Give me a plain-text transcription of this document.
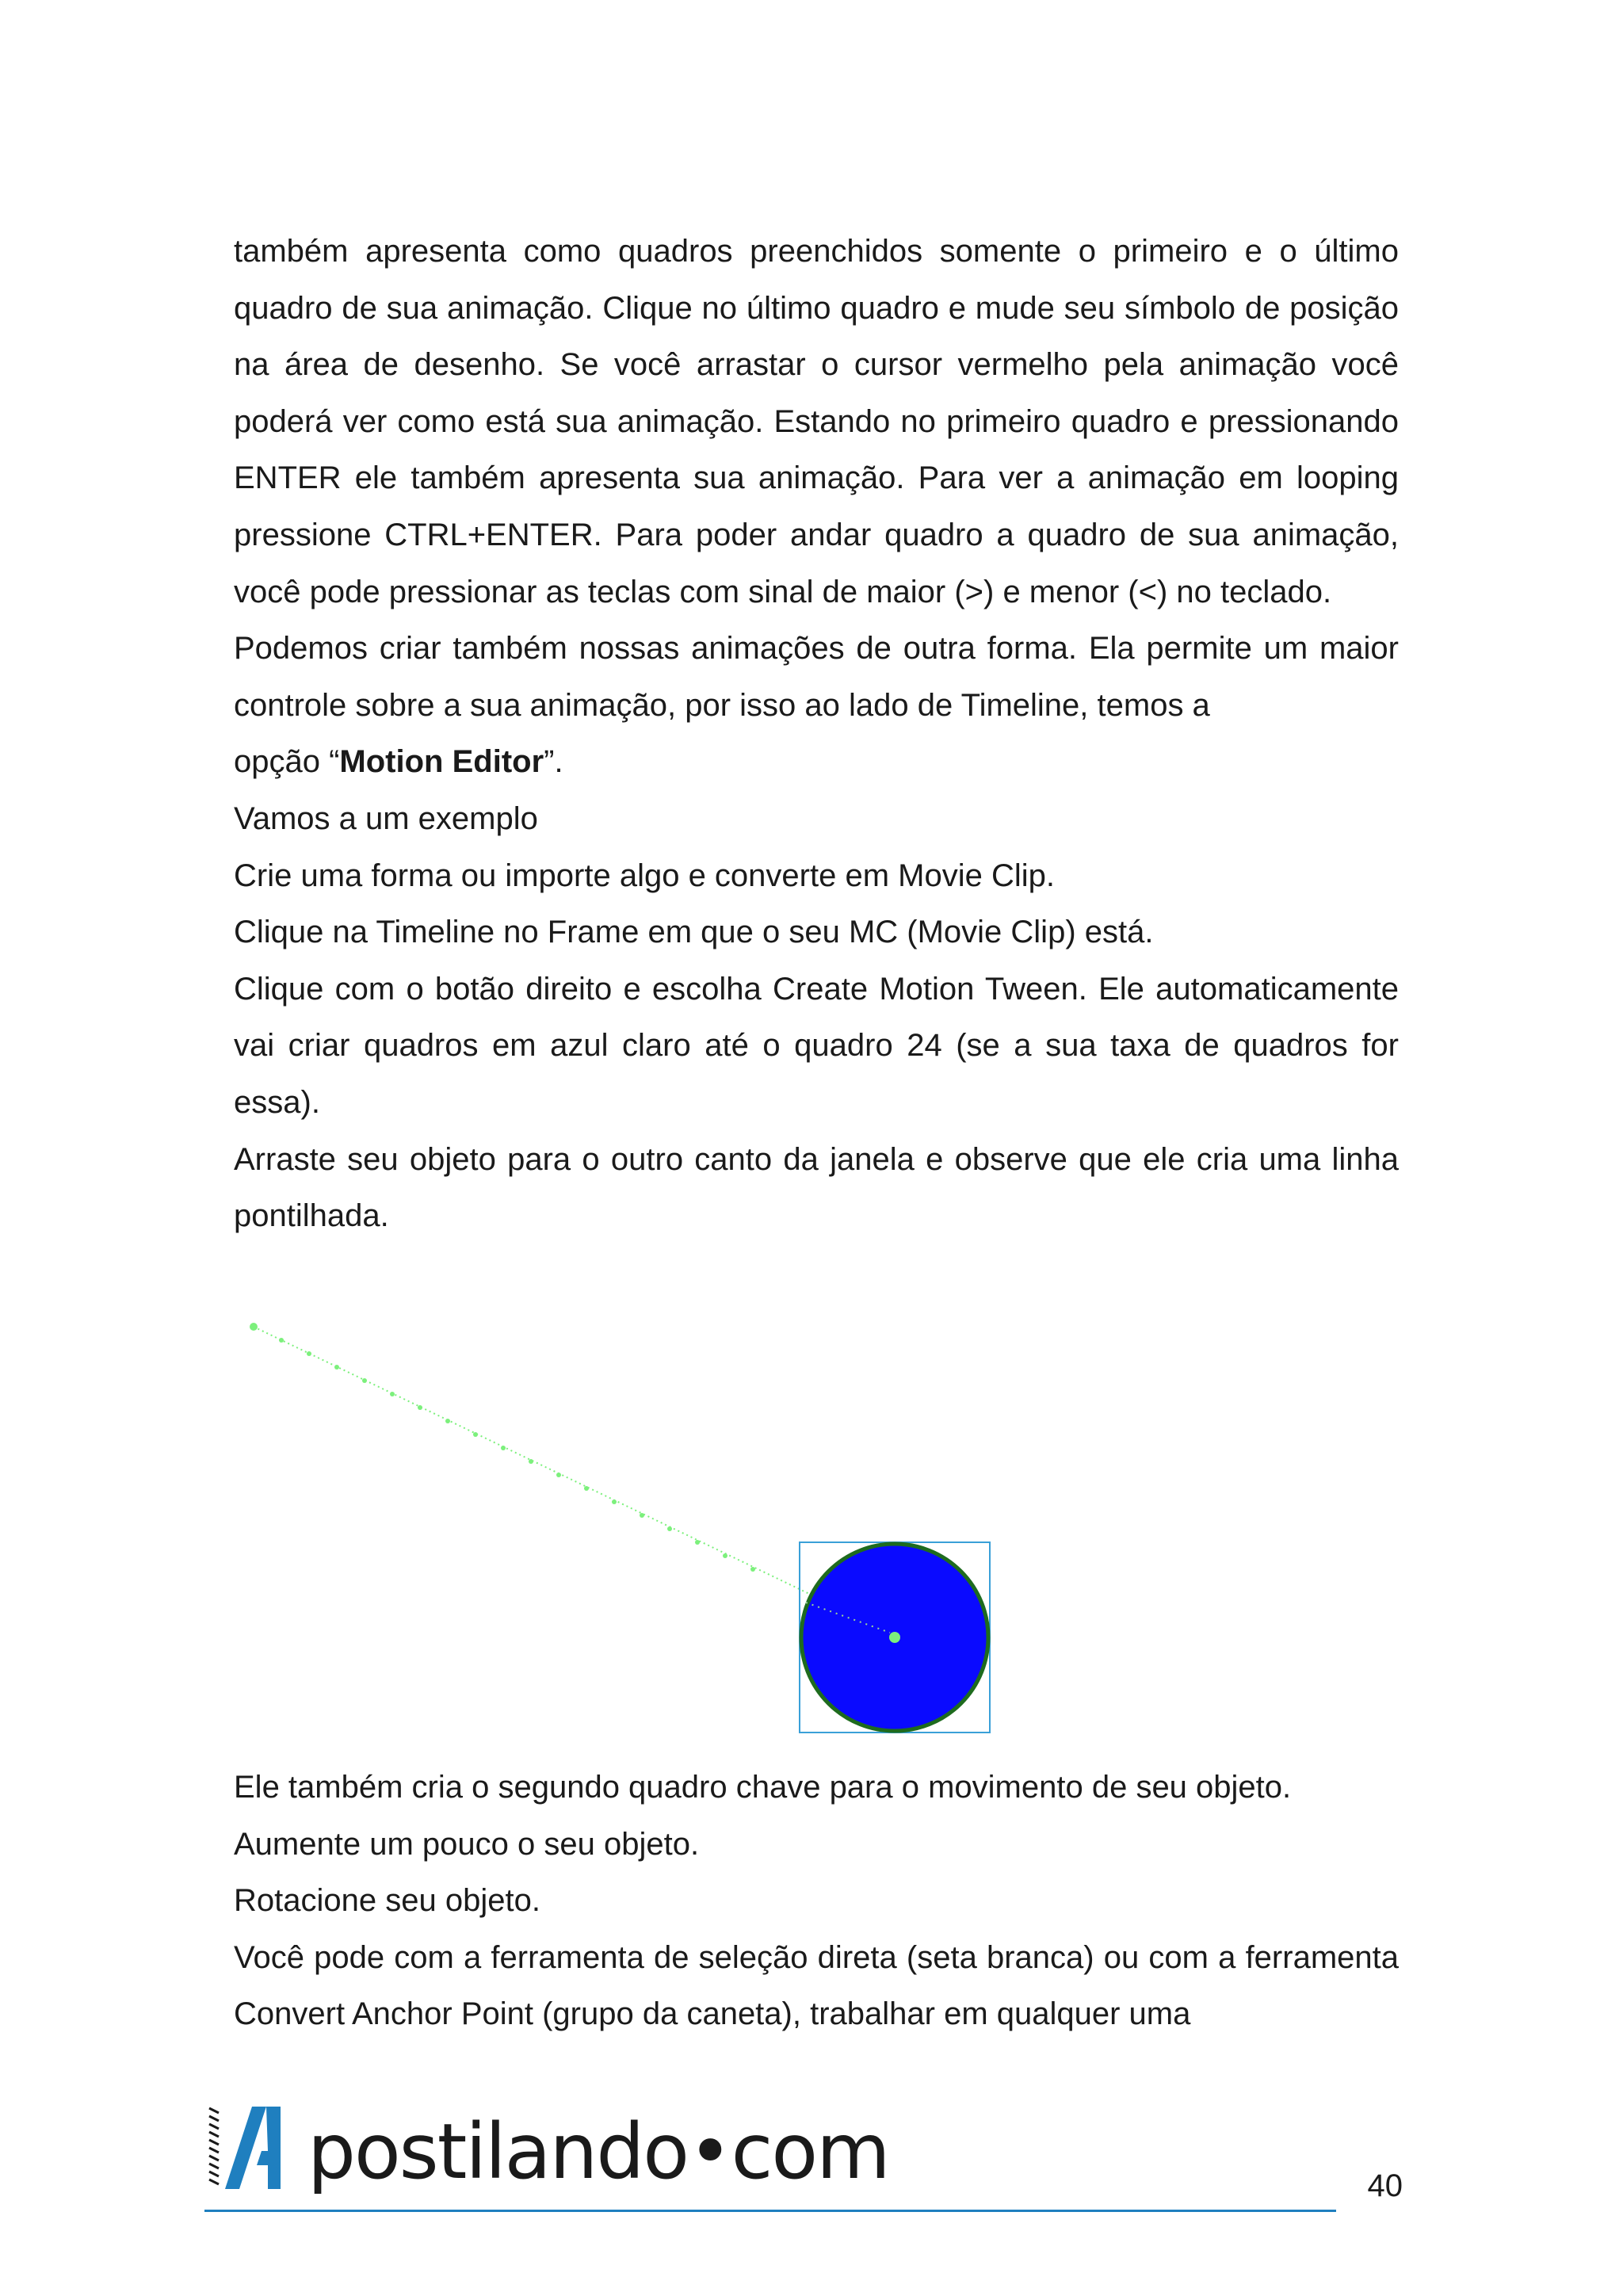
também apresenta como quadros preenchidos somente o primeiro e o último quadro de sua animação. Clique no último quadro e mude seu símbolo de posição na área de desenho. Se você arrastar o cursor vermelho pela animação você poderá ver como está sua animação. Estando no primeiro quadro e pressionando ENTER ele também apresenta sua animação. Para ver a animação em looping pressione CTRL+ENTER. Para poder andar quadro a quadro de sua animação, você pode pressionar as teclas com sinal de maior (>) e menor (<) no teclado.

Podemos criar também nossas animações de outra forma. Ela permite um maior controle sobre a sua animação, por isso ao lado de Timeline, temos a

opção “Motion Editor”.

Vamos a um exemplo

Crie uma forma ou importe algo e converte em Movie Clip.

Clique na Timeline no Frame em que o seu MC (Movie Clip) está.

Clique com o botão direito e escolha Create Motion Tween. Ele automaticamente vai criar quadros em azul claro até o quadro 24 (se a sua taxa de quadros for essa).

Arraste seu objeto para o outro canto da janela e observe que ele cria uma linha pontilhada.

Ele também cria o segundo quadro chave para o movimento de seu objeto.

Aumente um pouco o seu objeto.

Rotacione seu objeto.

Você pode com a ferramenta de seleção direta (seta branca) ou com a ferramenta Convert Anchor Point (grupo da caneta), trabalhar em qualquer uma

postilando•com	40
